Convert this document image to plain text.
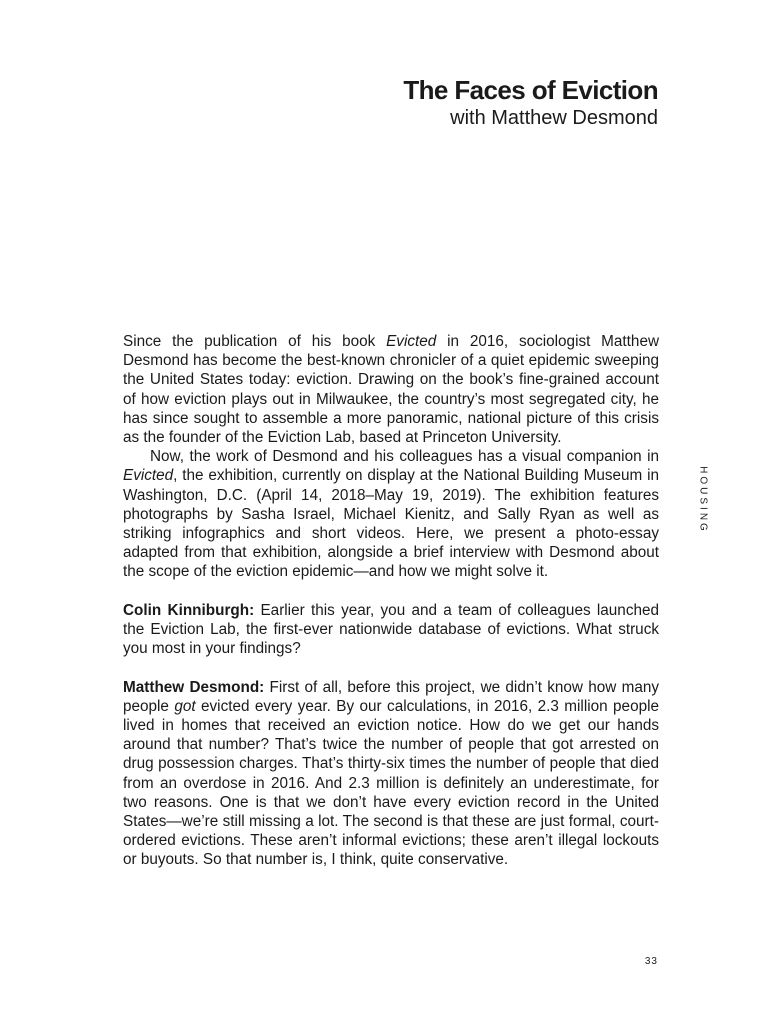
The Faces of Eviction

with Matthew Desmond

HOUSING

Since the publication of his book Evicted in 2016, sociologist Matthew Desmond has become the best-known chronicler of a quiet epidemic sweeping the United States today: eviction. Drawing on the book’s fine-grained account of how eviction plays out in Milwaukee, the country’s most segregated city, he has since sought to assemble a more panoramic, national picture of this crisis as the founder of the Eviction Lab, based at Princeton University.

Now, the work of Desmond and his colleagues has a visual companion in Evicted, the exhibition, currently on display at the National Building Museum in Washington, D.C. (April 14, 2018–May 19, 2019). The exhibition features photographs by Sasha Israel, Michael Kienitz, and Sally Ryan as well as striking infographics and short videos. Here, we present a photo-essay adapted from that exhibition, alongside a brief interview with Desmond about the scope of the eviction epidemic—and how we might solve it.

Colin Kinniburgh: Earlier this year, you and a team of colleagues launched the Eviction Lab, the first-ever nationwide database of evictions. What struck you most in your findings?

Matthew Desmond: First of all, before this project, we didn’t know how many people got evicted every year. By our calculations, in 2016, 2.3 million people lived in homes that received an eviction notice. How do we get our hands around that number? That’s twice the number of people that got arrested on drug possession charges. That’s thirty-six times the number of people that died from an overdose in 2016. And 2.3 million is definitely an underestimate, for two reasons. One is that we don’t have every eviction record in the United States—we’re still missing a lot. The second is that these are just formal, court-ordered evictions. These aren’t informal evictions; these aren’t illegal lockouts or buyouts. So that number is, I think, quite conservative.

33
